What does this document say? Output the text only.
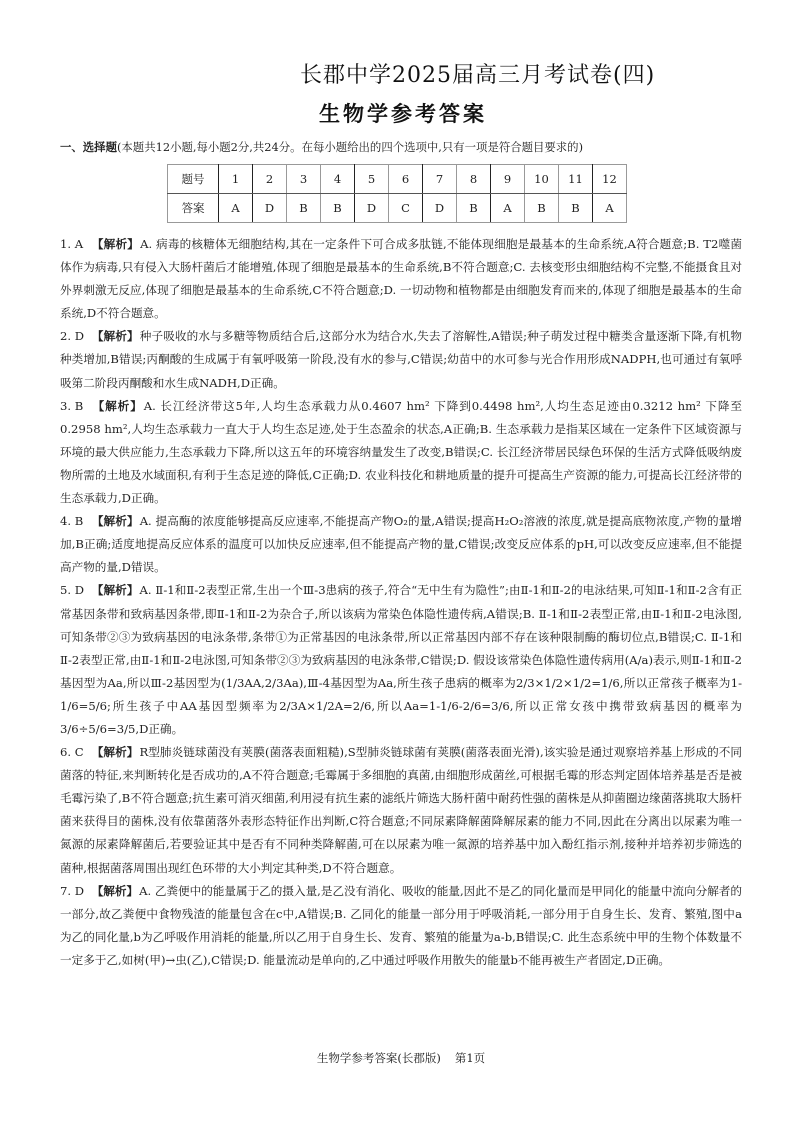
长郡中学2025届高三月考试卷(四)
生物学参考答案
一、选择题(本题共12小题,每小题2分,共24分。在每小题给出的四个选项中,只有一项是符合题目要求的)
题号	1	2	3	4	5	6	7	8	9	10	11	12
答案	A	D	B	B	D	C	D	B	A	B	B	A
1. A 【解析】A. 病毒的核糖体无细胞结构,其在一定条件下可合成多肽链,不能体现细胞是最基本的生命系统,A符合题意;B. T2噬菌体作为病毒,只有侵入大肠杆菌后才能增殖,体现了细胞是最基本的生命系统,B不符合题意;C. 去核变形虫细胞结构不完整,不能摄食且对外界刺激无反应,体现了细胞是最基本的生命系统,C不符合题意;D. 一切动物和植物都是由细胞发育而来的,体现了细胞是最基本的生命系统,D不符合题意。
2. D 【解析】种子吸收的水与多糖等物质结合后,这部分水为结合水,失去了溶解性,A错误;种子萌发过程中糖类含量逐渐下降,有机物种类增加,B错误;丙酮酸的生成属于有氧呼吸第一阶段,没有水的参与,C错误;幼苗中的水可参与光合作用形成NADPH,也可通过有氧呼吸第二阶段丙酮酸和水生成NADH,D正确。
3. B 【解析】A. 长江经济带这5年,人均生态承载力从0.4607 hm² 下降到0.4498 hm²,人均生态足迹由0.3212 hm² 下降至0.2958 hm²,人均生态承载力一直大于人均生态足迹,处于生态盈余的状态,A正确;B. 生态承载力是指某区域在一定条件下区域资源与环境的最大供应能力,生态承载力下降,所以这五年的环境容纳量发生了改变,B错误;C. 长江经济带居民绿色环保的生活方式降低吸纳废物所需的土地及水域面积,有利于生态足迹的降低,C正确;D. 农业科技化和耕地质量的提升可提高生产资源的能力,可提高长江经济带的生态承载力,D正确。
4. B 【解析】A. 提高酶的浓度能够提高反应速率,不能提高产物O₂的量,A错误;提高H₂O₂溶液的浓度,就是提高底物浓度,产物的量增加,B正确;适度地提高反应体系的温度可以加快反应速率,但不能提高产物的量,C错误;改变反应体系的pH,可以改变反应速率,但不能提高产物的量,D错误。
5. D 【解析】A. Ⅱ-1和Ⅱ-2表型正常,生出一个Ⅲ-3患病的孩子,符合“无中生有为隐性”;由Ⅱ-1和Ⅱ-2的电泳结果,可知Ⅱ-1和Ⅱ-2含有正常基因条带和致病基因条带,即Ⅱ-1和Ⅱ-2为杂合子,所以该病为常染色体隐性遗传病,A错误;B. Ⅱ-1和Ⅱ-2表型正常,由Ⅱ-1和Ⅱ-2电泳图,可知条带②③为致病基因的电泳条带,条带①为正常基因的电泳条带,所以正常基因内部不存在该种限制酶的酶切位点,B错误;C. Ⅱ-1和Ⅱ-2表型正常,由Ⅱ-1和Ⅱ-2电泳图,可知条带②③为致病基因的电泳条带,C错误;D. 假设该常染色体隐性遗传病用(A/a)表示,则Ⅱ-1和Ⅱ-2基因型为Aa,所以Ⅲ-2基因型为(1/3AA,2/3Aa),Ⅲ-4基因型为Aa,所生孩子患病的概率为2/3×1/2×1/2=1/6,所以正常孩子概率为1-1/6=5/6;所生孩子中AA基因型频率为2/3A×1/2A=2/6,所以Aa=1-1/6-2/6=3/6,所以正常女孩中携带致病基因的概率为3/6÷5/6=3/5,D正确。
6. C 【解析】R型肺炎链球菌没有荚膜(菌落表面粗糙),S型肺炎链球菌有荚膜(菌落表面光滑),该实验是通过观察培养基上形成的不同菌落的特征,来判断转化是否成功的,A不符合题意;毛霉属于多细胞的真菌,由细胞形成菌丝,可根据毛霉的形态判定固体培养基是否是被毛霉污染了,B不符合题意;抗生素可消灭细菌,利用浸有抗生素的滤纸片筛选大肠杆菌中耐药性强的菌株是从抑菌圈边缘菌落挑取大肠杆菌来获得目的菌株,没有依靠菌落外表形态特征作出判断,C符合题意;不同尿素降解菌降解尿素的能力不同,因此在分离出以尿素为唯一氮源的尿素降解菌后,若要验证其中是否有不同种类降解菌,可在以尿素为唯一氮源的培养基中加入酚红指示剂,接种并培养初步筛选的菌种,根据菌落周围出现红色环带的大小判定其种类,D不符合题意。
7. D 【解析】A. 乙粪便中的能量属于乙的摄入量,是乙没有消化、吸收的能量,因此不是乙的同化量而是甲同化的能量中流向分解者的一部分,故乙粪便中食物残渣的能量包含在c中,A错误;B. 乙同化的能量一部分用于呼吸消耗,一部分用于自身生长、发育、繁殖,图中a为乙的同化量,b为乙呼吸作用消耗的能量,所以乙用于自身生长、发育、繁殖的能量为a-b,B错误;C. 此生态系统中甲的生物个体数量不一定多于乙,如树(甲)→虫(乙),C错误;D. 能量流动是单向的,乙中通过呼吸作用散失的能量b不能再被生产者固定,D正确。
生物学参考答案(长郡版) 第1页
